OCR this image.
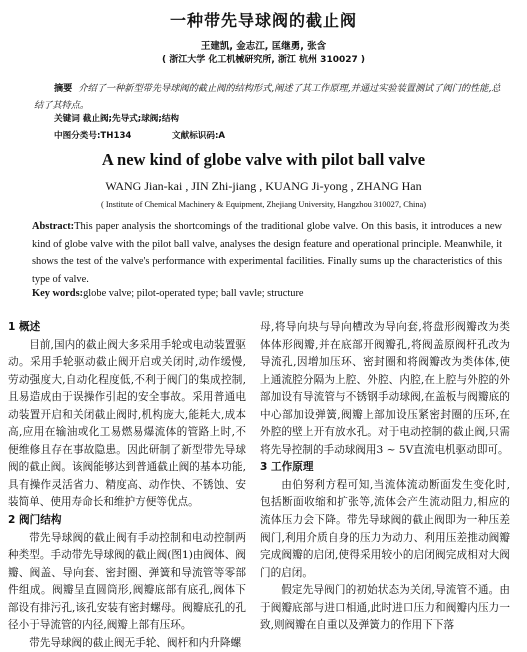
一种带先导球阀的截止阀
王建凯, 金志江, 匡继勇, 张含
( 浙江大学 化工机械研究所, 浙江 杭州 310027 )
摘要 介绍了一种新型带先导球阀的截止阀的结构形式,阐述了其工作原理,并通过实验装置测试了阀门的性能,总结了其特点。
关键词 截止阀;先导式;球阀;结构
中图分类号:TH134	文献标识码:A
A new kind of globe valve with pilot ball valve
WANG Jian-kai , JIN Zhi-jiang , KUANG Ji-yong , ZHANG Han
( Institute of Chemical Machinery & Equipment, Zhejiang University, Hangzhou 310027, China)
Abstract:This paper analysis the shortcomings of the traditional globe valve. On this basis, it introduces a new kind of globe valve with the pilot ball valve, analyses the design feature and operational principle. Meanwhile, it shows the test of the valve's performance with experimental facilities. Finally sums up the characteristics of this type of valve.
Key words:globe valve; pilot-operated type; ball vavle; structure

1 概述

目前,国内的截止阀大多采用手轮或电动装置驱动。采用手轮驱动截止阀开启或关闭时,动作缓慢,劳动强度大,自动化程度低,不利于阀门的集成控制,且易造成由于误操作引起的安全事故。采用普通电动装置开启和关闭截止阀时,机构庞大,能耗大,成本高,应用在输油或化工易燃易爆流体的管路上时,不便维修且存在事故隐患。因此研制了新型带先导球阀的截止阀。该阀能够达到普通截止阀的基本功能,具有操作灵活省力、精度高、动作快、不锈蚀、安装简单、使用寿命长和维护方便等优点。

2 阀门结构

带先导球阀的截止阀有手动控制和电动控制两种类型。手动带先导球阀的截止阀(图1)由阀体、阀瓣、阀盖、导向套、密封圈、弹簧和导流管等零部件组成。阀瓣呈直圆筒形,阀瓣底部有底孔,阀体下部设有排污孔,该孔安装有密封螺母。阀瓣底孔的孔径小于导流管的内径,阀瓣上部有压环。

带先导球阀的截止阀无手轮、阀杆和内升降螺

母,将导向块与导向槽改为导向套,将盘形阀瓣改为类体体形阀瓣,并在底部开阀瓣孔,将阀盖原阀杆孔改为导流孔,因增加压环、密封圈和将阀瓣改为类体体,使上通流腔分隔为上腔、外腔、内腔,在上腔与外腔的外部加设有导流管与不锈钢手动球阀,在盖板与阀瓣底的中心部加设弹簧,阀瓣上部加设压紧密封圈的压环,在外腔的壁上开有放水孔。对于电动控制的截止阀,只需将先导控制的手动球阀用3 ~ 5V直流电机驱动即可。

3 工作原理

由伯努利方程可知,当流体流动断面发生变化时,包括断面收缩和扩张等,流体会产生流动阻力,相应的流体压力会下降。带先导球阀的截止阀即为一种压差阀门,利用介质自身的压力为动力、利用压差推动阀瓣完成阀瓣的启闭,使得采用较小的启闭阀完成相对大阀门的启闭。

假定先导阀门的初始状态为关闭,导流管不通。由于阀瓣底部与进口相通,此时进口压力和阀瓣内压力一致,则阀瓣在自重以及弹簧力的作用下下落
